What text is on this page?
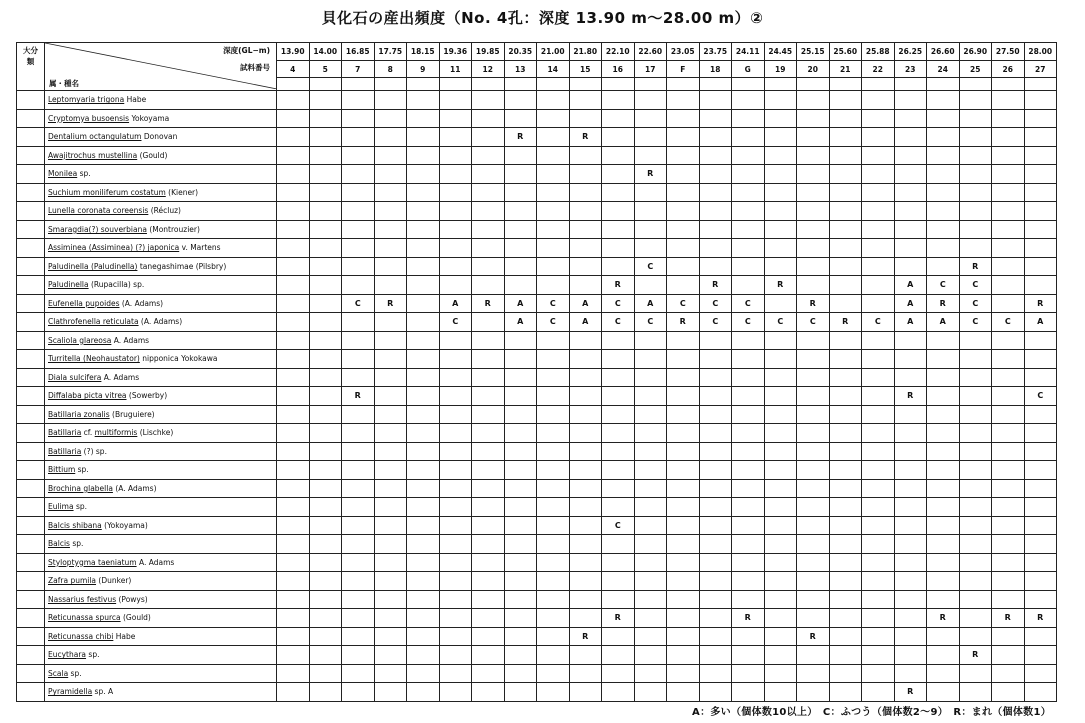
貝化石の産出頻度（No. 4孔：深度 13.90 m〜28.00 m）②
大分類	深度(GL−m)
試料番号
属・種名	13.90	14.00	16.85	17.75	18.15	19.36	19.85	20.35	21.00	21.80	22.10	22.60	23.05	23.75	24.11	24.45	25.15	25.60	25.88	26.25	26.60	26.90	27.50	28.00
		4	5	7	8	9	11	12	13	14	15	16	17	F	18	G	19	20	21	22	23	24	25	26	27

	Leptomyaria trigona Habe																								
	Cryptomya busoensis Yokoyama																								
	Dentalium octangulatum Donovan								R		R														
	Awajitrochus mustellina (Gould)																								
	Monilea sp.												R												
	Suchium moniliferum costatum (Kiener)																								
	Lunella coronata coreensis (Récluz)																								
	Smaragdia(?) souverbiana (Montrouzier)																								
	Assiminea (Assiminea) (?) japonica v. Martens																								
	Paludinella (Paludinella) tanegashimae (Pilsbry)												C										R		
	Paludinella (Rupacilla) sp.											R			R		R				A	C	C		
	Eufenella pupoides (A. Adams)			C	R		A	R	A	C	A	C	A	C	C	C		R			A	R	C		R
	Clathrofenella reticulata (A. Adams)						C		A	C	A	C	C	R	C	C	C	C	R	C	A	A	C	C	A
	Scaliola glareosa A. Adams																								
	Turritella (Neohaustator) nipponica Yokokawa																								
	Diala sulcifera A. Adams																								
	Diffalaba picta vitrea (Sowerby)			R																	R				C
	Batillaria zonalis (Bruguiere)																								
	Batillaria cf. multiformis (Lischke)																								
	Batillaria (?) sp.																								
	Bittium sp.																								
	Brochina glabella (A. Adams)																								
	Eulima sp.																								
	Balcis shibana (Yokoyama)											C													
	Balcis sp.																								
	Styloptygma taeniatum A. Adams																								
	Zafra pumila (Dunker)																								
	Nassarius festivus (Powys)																								
	Reticunassa spurca (Gould)											R				R						R		R	R
	Reticunassa chibi Habe										R							R							
	Eucythara sp.																						R		
	Scala sp.																								
	Pyramidella sp. A																				R				
A：多い（個体数10以上）　C：ふつう（個体数2〜9）　R：まれ（個体数1）
